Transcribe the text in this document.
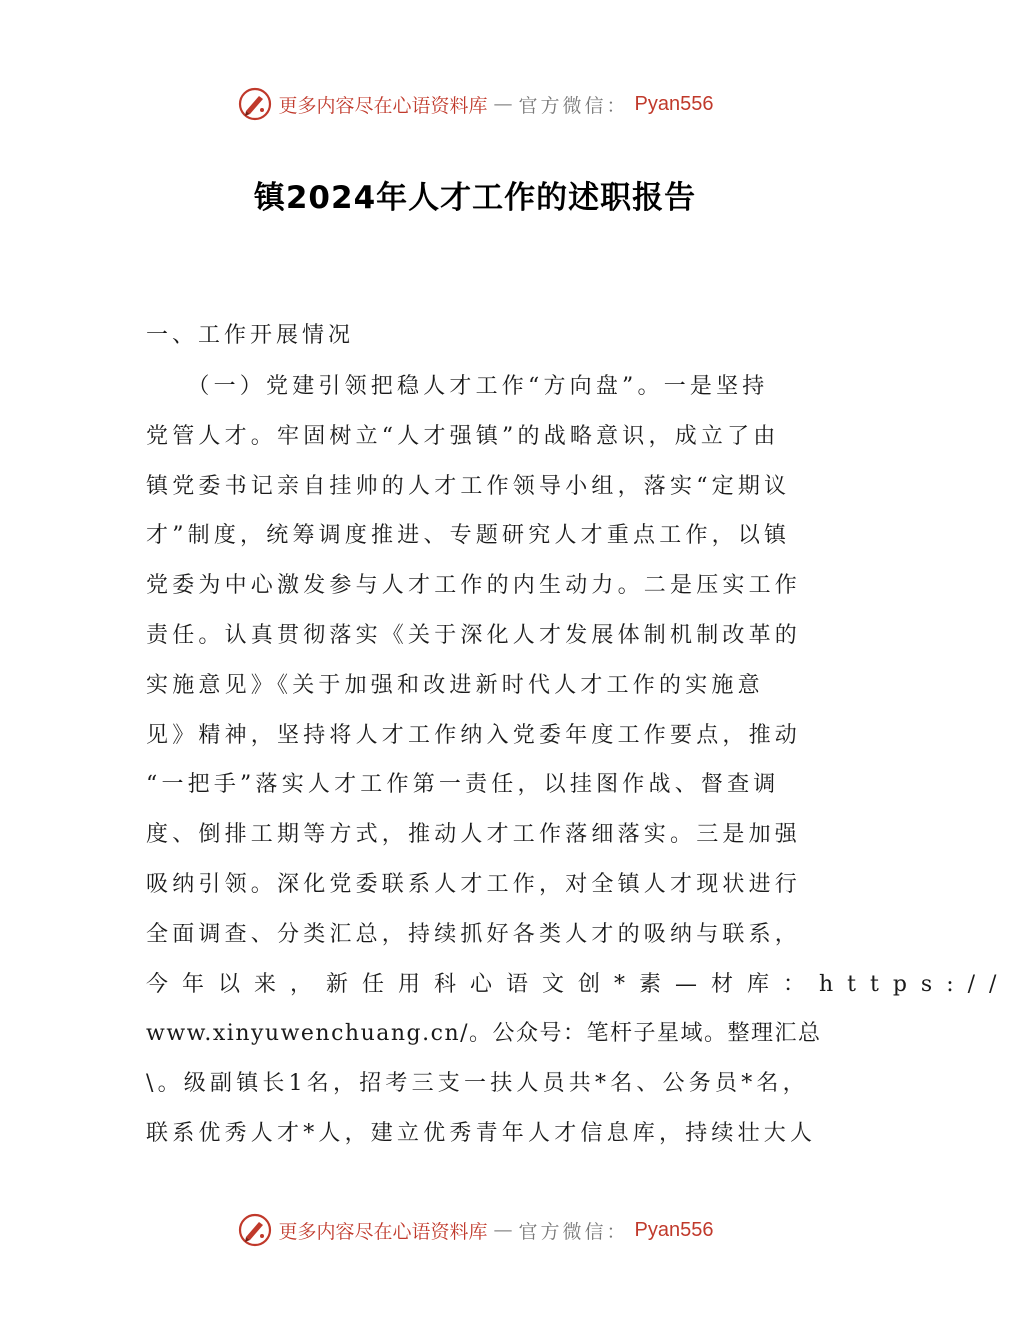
更多内容尽在心语资料库 — 官方微信： Pyan556
镇2024年人才工作的述职报告
一、工作开展情况
　　（一）党建引领把稳人才工作“方向盘”。一是坚持
党管人才。牢固树立“人才强镇”的战略意识，成立了由
镇党委书记亲自挂帅的人才工作领导小组，落实“定期议
才”制度，统筹调度推进、专题研究人才重点工作，以镇
党委为中心激发参与人才工作的内生动力。二是压实工作
责任。认真贯彻落实《关于深化人才发展体制机制改革的
实施意见》《关于加强和改进新时代人才工作的实施意
见》精神，坚持将人才工作纳入党委年度工作要点，推动
“一把手”落实人才工作第一责任，以挂图作战、督查调
度、倒排工期等方式，推动人才工作落细落实。三是加强
吸纳引领。深化党委联系人才工作，对全镇人才现状进行
全面调查、分类汇总，持续抓好各类人才的吸纳与联系，
今年以来，新任用科心语文创*素—材库：https://
www.xinyuwenchuang.cn/。公众号：笔杆子星域。整理汇总
\。级副镇长1名，招考三支一扶人员共*名、公务员*名，
联系优秀人才*人，建立优秀青年人才信息库，持续壮大人
更多内容尽在心语资料库 — 官方微信： Pyan556
